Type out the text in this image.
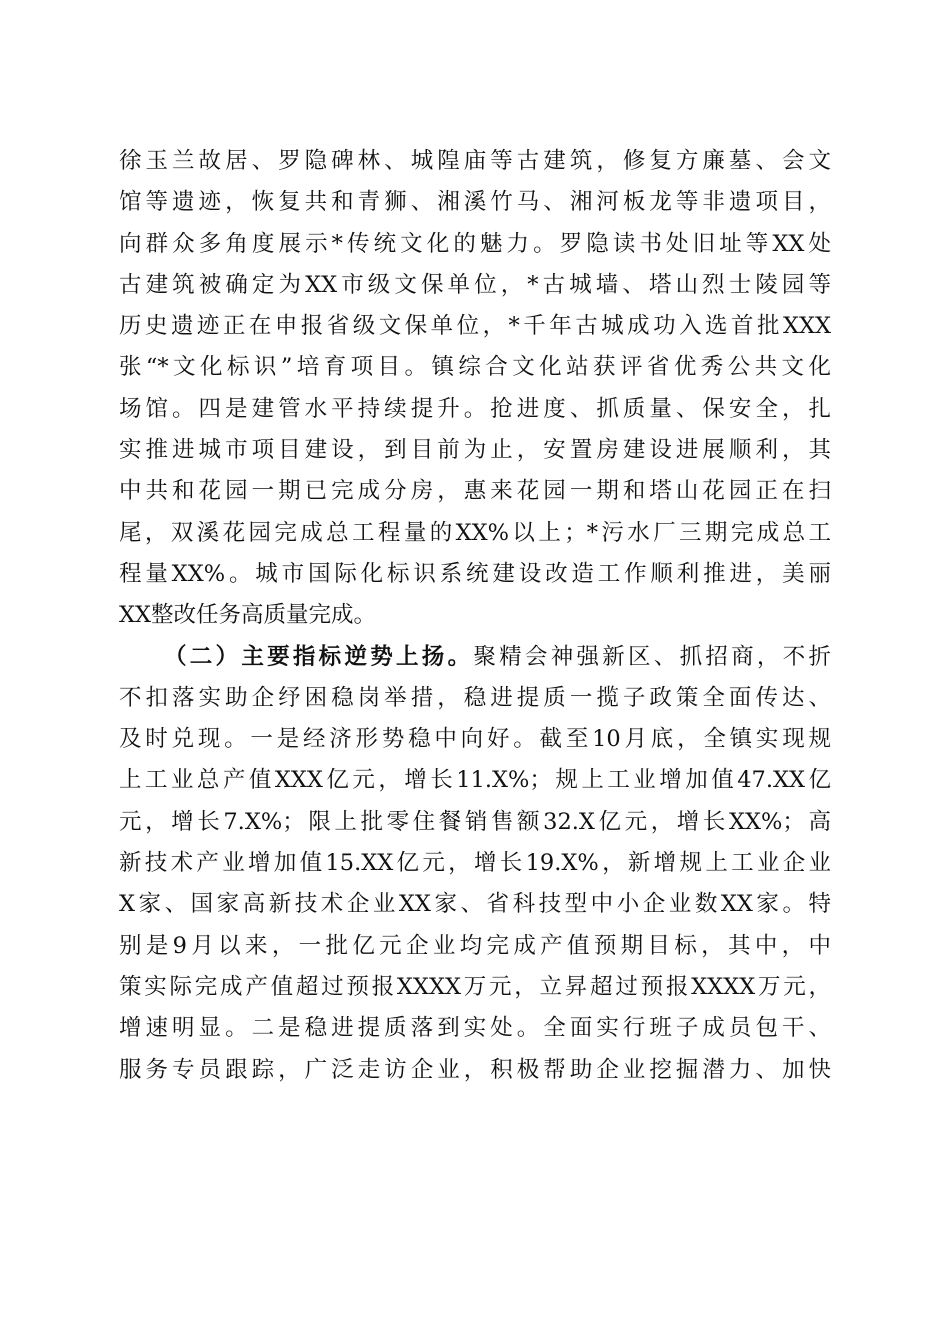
徐玉兰故居、罗隐碑林、城隍庙等古建筑，修复方廉墓、会文
馆等遗迹，恢复共和青狮、湘溪竹马、湘河板龙等非遗项目，
向群众多角度展示*传统文化的魅力。罗隐读书处旧址等XX处
古建筑被确定为XX市级文保单位，*古城墙、塔山烈士陵园等
历史遗迹正在申报省级文保单位，*千年古城成功入选首批XXX
张“*文化标识”培育项目。镇综合文化站获评省优秀公共文化
场馆。四是建管水平持续提升。抢进度、抓质量、保安全，扎
实推进城市项目建设，到目前为止，安置房建设进展顺利，其
中共和花园一期已完成分房，惠来花园一期和塔山花园正在扫
尾，双溪花园完成总工程量的XX%以上；*污水厂三期完成总工
程量XX%。城市国际化标识系统建设改造工作顺利推进，美丽
XX整改任务高质量完成。
（二）主要指标逆势上扬。聚精会神强新区、抓招商，不折
不扣落实助企纾困稳岗举措，稳进提质一揽子政策全面传达、
及时兑现。一是经济形势稳中向好。截至10月底，全镇实现规
上工业总产值XXX亿元，增长11.X%；规上工业增加值47.XX亿
元，增长7.X%；限上批零住餐销售额32.X亿元，增长XX%；高
新技术产业增加值15.XX亿元，增长19.X%，新增规上工业企业
X家、国家高新技术企业XX家、省科技型中小企业数XX家。特
别是9月以来，一批亿元企业均完成产值预期目标，其中，中
策实际完成产值超过预报XXXX万元，立昇超过预报XXXX万元，
增速明显。二是稳进提质落到实处。全面实行班子成员包干、
服务专员跟踪，广泛走访企业，积极帮助企业挖掘潜力、加快
